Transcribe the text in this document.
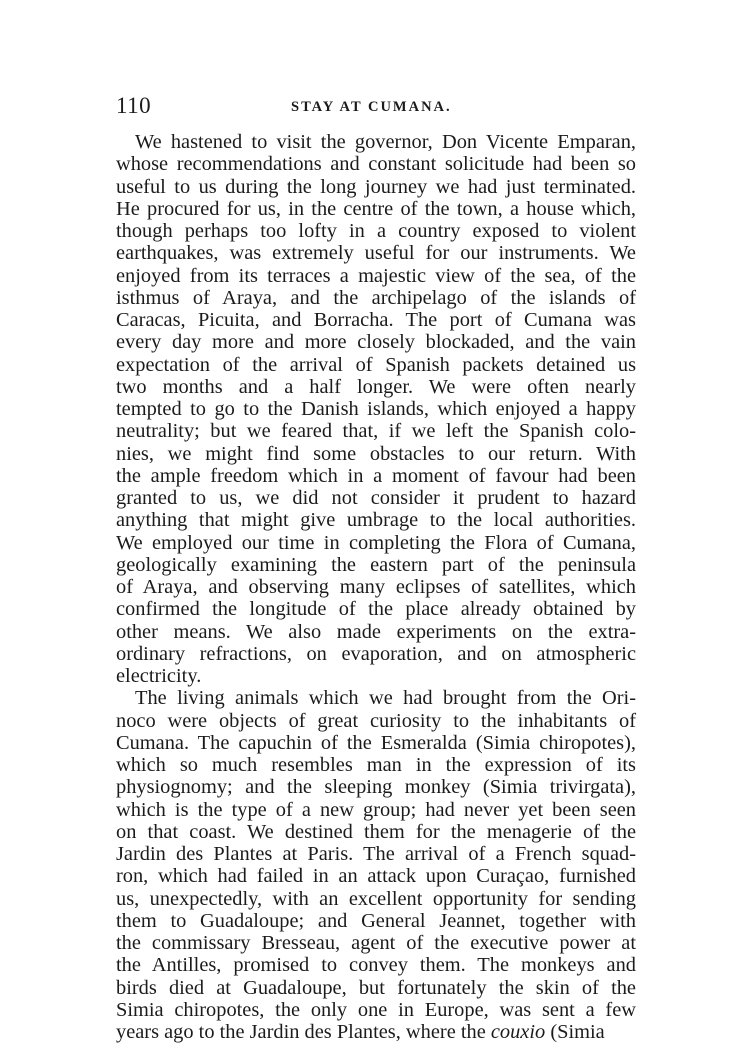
110	STAY AT CUMANA.
We hastened to visit the governor, Don Vicente Emparan,
whose recommendations and constant solicitude had been so
useful to us during the long journey we had just terminated.
He procured for us, in the centre of the town, a house which,
though perhaps too lofty in a country exposed to violent
earthquakes, was extremely useful for our instruments. We
enjoyed from its terraces a majestic view of the sea, of the
isthmus of Araya, and the archipelago of the islands of
Caracas, Picuita, and Borracha. The port of Cumana was
every day more and more closely blockaded, and the vain
expectation of the arrival of Spanish packets detained us
two months and a half longer. We were often nearly
tempted to go to the Danish islands, which enjoyed a happy
neutrality; but we feared that, if we left the Spanish colo-
nies, we might find some obstacles to our return. With
the ample freedom which in a moment of favour had been
granted to us, we did not consider it prudent to hazard
anything that might give umbrage to the local authorities.
We employed our time in completing the Flora of Cumana,
geologically examining the eastern part of the peninsula
of Araya, and observing many eclipses of satellites, which
confirmed the longitude of the place already obtained by
other means. We also made experiments on the extra-
ordinary refractions, on evaporation, and on atmospheric
electricity.
The living animals which we had brought from the Ori-
noco were objects of great curiosity to the inhabitants of
Cumana. The capuchin of the Esmeralda (Simia chiropotes),
which so much resembles man in the expression of its
physiognomy; and the sleeping monkey (Simia trivirgata),
which is the type of a new group; had never yet been seen
on that coast. We destined them for the menagerie of the
Jardin des Plantes at Paris. The arrival of a French squad-
ron, which had failed in an attack upon Curaçao, furnished
us, unexpectedly, with an excellent opportunity for sending
them to Guadaloupe; and General Jeannet, together with
the commissary Bresseau, agent of the executive power at
the Antilles, promised to convey them. The monkeys and
birds died at Guadaloupe, but fortunately the skin of the
Simia chiropotes, the only one in Europe, was sent a few
years ago to the Jardin des Plantes, where the couxio (Simia
